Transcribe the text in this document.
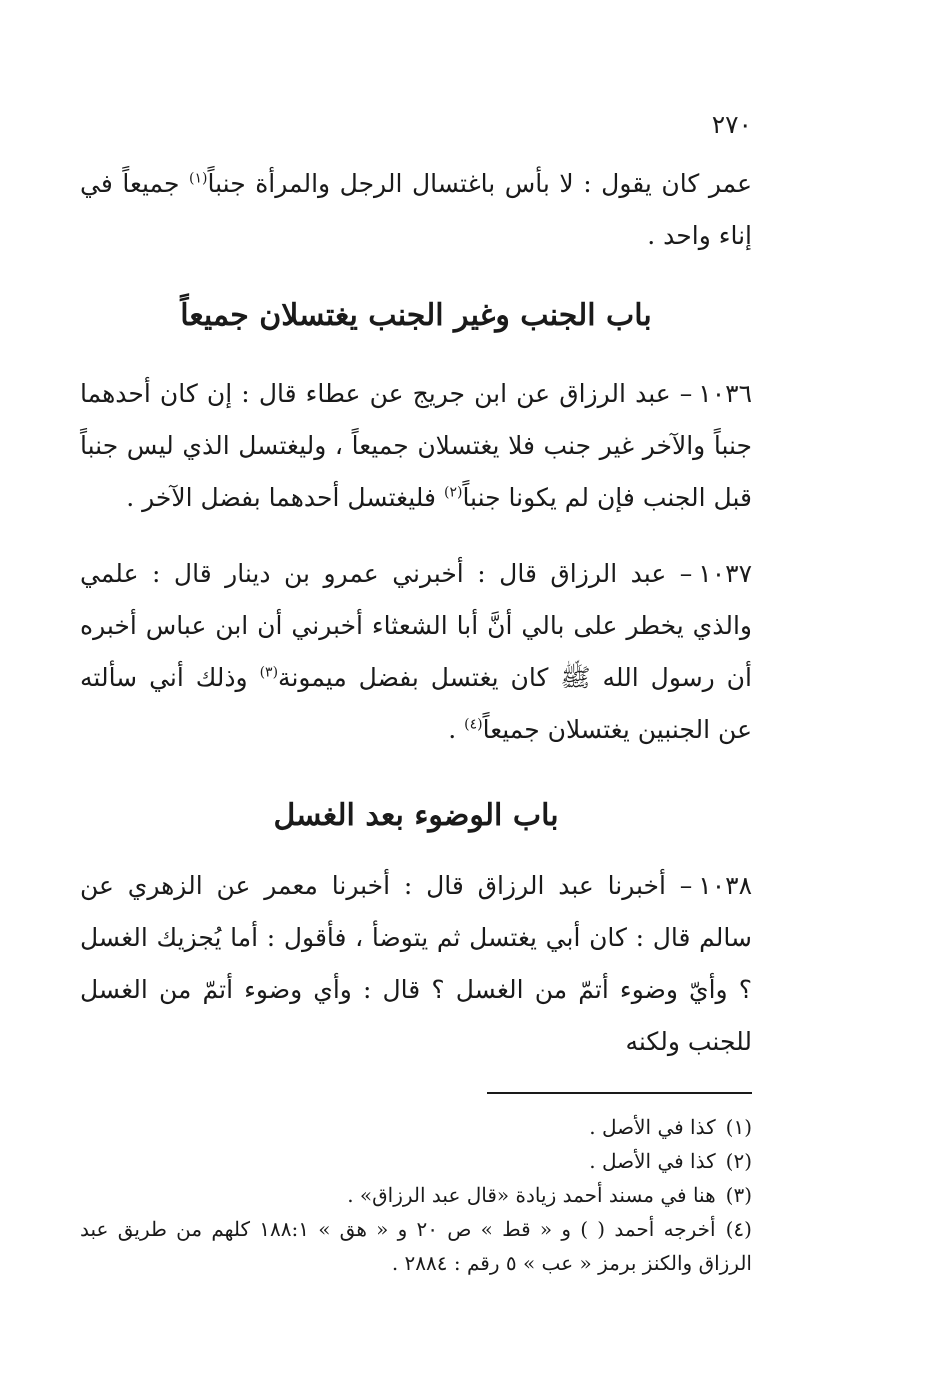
٢٧٠

عمر كان يقول : لا بأس باغتسال الرجل والمرأة جنباً$^{(١)}$ جميعاً في إناء واحد .

باب الجنب وغير الجنب يغتسلان جميعاً

١٠٣٦– عبد الرزاق عن ابن جريج عن عطاء قال : إن كان أحدهما جنباً والآخر غير جنب فلا يغتسلان جميعاً ، وليغتسل الذي ليس جنباً قبل الجنب فإن لم يكونا جنباً$^{(٢)}$ فليغتسل أحدهما بفضل الآخر .

١٠٣٧– عبد الرزاق قال : أخبرني عمرو بن دينار قال : علمي والذي يخطر على بالي أنَّ أبا الشعثاء أخبرني أن ابن عباس أخبره أن رسول الله ﷺ كان يغتسل بفضل ميمونة$^{(٣)}$ وذلك أني سألته عن الجنبين يغتسلان جميعاً$^{(٤)}$ .

باب الوضوء بعد الغسل

١٠٣٨– أخبرنا عبد الرزاق قال : أخبرنا معمر عن الزهري عن سالم قال : كان أبي يغتسل ثم يتوضأ ، فأقول : أما يُجزيك الغسل ؟ وأيّ وضوء أتمّ من الغسل ؟ قال : وأي وضوء أتمّ من الغسل للجنب ولكنه

(١)كذا في الأصل .

(٢)كذا في الأصل .

(٣)هنا في مسند أحمد زيادة «قال عبد الرزاق» .

(٤)أخرجه أحمد ( ) و « قط » ص ٢٠ و « هق » ١٨٨:١ كلهم من طريق عبد الرزاق والكنز برمز « عب » ٥ رقم : ٢٨٨٤ .
